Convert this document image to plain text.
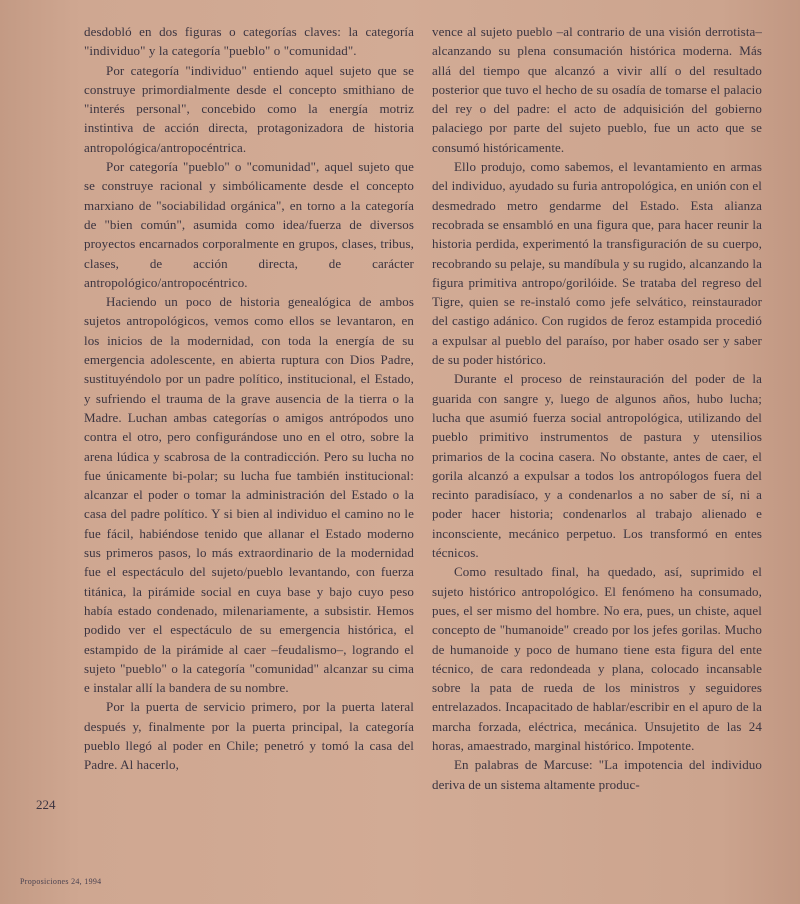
desdobló en dos figuras o categorías claves: la categoría "individuo" y la categoría "pueblo" o "comunidad".

Por categoría "individuo" entiendo aquel sujeto que se construye primordialmente desde el concepto smithiano de "interés personal", concebido como la energía motriz instintiva de acción directa, protagonizadora de historia antropológica/antropocéntrica.

Por categoría "pueblo" o "comunidad", aquel sujeto que se construye racional y simbólicamente desde el concepto marxiano de "sociabilidad orgánica", en torno a la categoría de "bien común", asumida como idea/fuerza de diversos proyectos encarnados corporalmente en grupos, clases, tribus, clases, de acción directa, de carácter antropológico/antropocéntrico.

Haciendo un poco de historia genealógica de ambos sujetos antropológicos, vemos como ellos se levantaron, en los inicios de la modernidad, con toda la energía de su emergencia adolescente, en abierta ruptura con Dios Padre, sustituyéndolo por un padre político, institucional, el Estado, y sufriendo el trauma de la grave ausencia de la tierra o la Madre. Luchan ambas categorías o amigos antrópodos uno contra el otro, pero configurándose uno en el otro, sobre la arena lúdica y scabrosa de la contradicción. Pero su lucha no fue únicamente bi-polar; su lucha fue también institucional: alcanzar el poder o tomar la administración del Estado o la casa del padre político. Y si bien al individuo el camino no le fue fácil, habiéndose tenido que allanar el Estado moderno sus primeros pasos, lo más extraordinario de la modernidad fue el espectáculo del sujeto/pueblo levantando, con fuerza titánica, la pirámide social en cuya base y bajo cuyo peso había estado condenado, milenariamente, a subsistir. Hemos podido ver el espectáculo de su emergencia histórica, el estampido de la pirámide al caer –feudalismo–, logrando el sujeto "pueblo" o la categoría "comunidad" alcanzar su cima e instalar allí la bandera de su nombre.

Por la puerta de servicio primero, por la puerta lateral después y, finalmente por la puerta principal, la categoría pueblo llegó al poder en Chile; penetró y tomó la casa del Padre. Al hacerlo,

vence al sujeto pueblo –al contrario de una visión derrotista– alcanzando su plena consumación histórica moderna. Más allá del tiempo que alcanzó a vivir allí o del resultado posterior que tuvo el hecho de su osadía de tomarse el palacio del rey o del padre: el acto de adquisición del gobierno palaciego por parte del sujeto pueblo, fue un acto que se consumó históricamente.

Ello produjo, como sabemos, el levantamiento en armas del individuo, ayudado su furia antropológica, en unión con el desmedrado metro gendarme del Estado. Esta alianza recobrada se ensambló en una figura que, para hacer reunir la historia perdida, experimentó la transfiguración de su cuerpo, recobrando su pelaje, su mandíbula y su rugido, alcanzando la figura primitiva antropo/gorilóide. Se trataba del regreso del Tigre, quien se re-instaló como jefe selvático, reinstaurador del castigo adánico. Con rugidos de feroz estampida procedió a expulsar al pueblo del paraíso, por haber osado ser y saber de su poder histórico.

Durante el proceso de reinstauración del poder de la guarida con sangre y, luego de algunos años, hubo lucha; lucha que asumió fuerza social antropológica, utilizando del pueblo primitivo instrumentos de pastura y utensilios primarios de la cocina casera. No obstante, antes de caer, el gorila alcanzó a expulsar a todos los antropólogos fuera del recinto paradisíaco, y a condenarlos a no saber de sí, ni a poder hacer historia; condenarlos al trabajo alienado e inconsciente, mecánico perpetuo. Los transformó en entes técnicos.

Como resultado final, ha quedado, así, suprimido el sujeto histórico antropológico. El fenómeno ha consumado, pues, el ser mismo del hombre. No era, pues, un chiste, aquel concepto de "humanoide" creado por los jefes gorilas. Mucho de humanoide y poco de humano tiene esta figura del ente técnico, de cara redondeada y plana, colocado incansable sobre la pata de rueda de los ministros y seguidores entrelazados. Incapacitado de hablar/escribir en el apuro de la marcha forzada, eléctrica, mecánica. Unsujetito de las 24 horas, amaestrado, marginal histórico. Impotente.

En palabras de Marcuse: "La impotencia del individuo deriva de un sistema altamente produc-

224
Proposiciones 24, 1994
